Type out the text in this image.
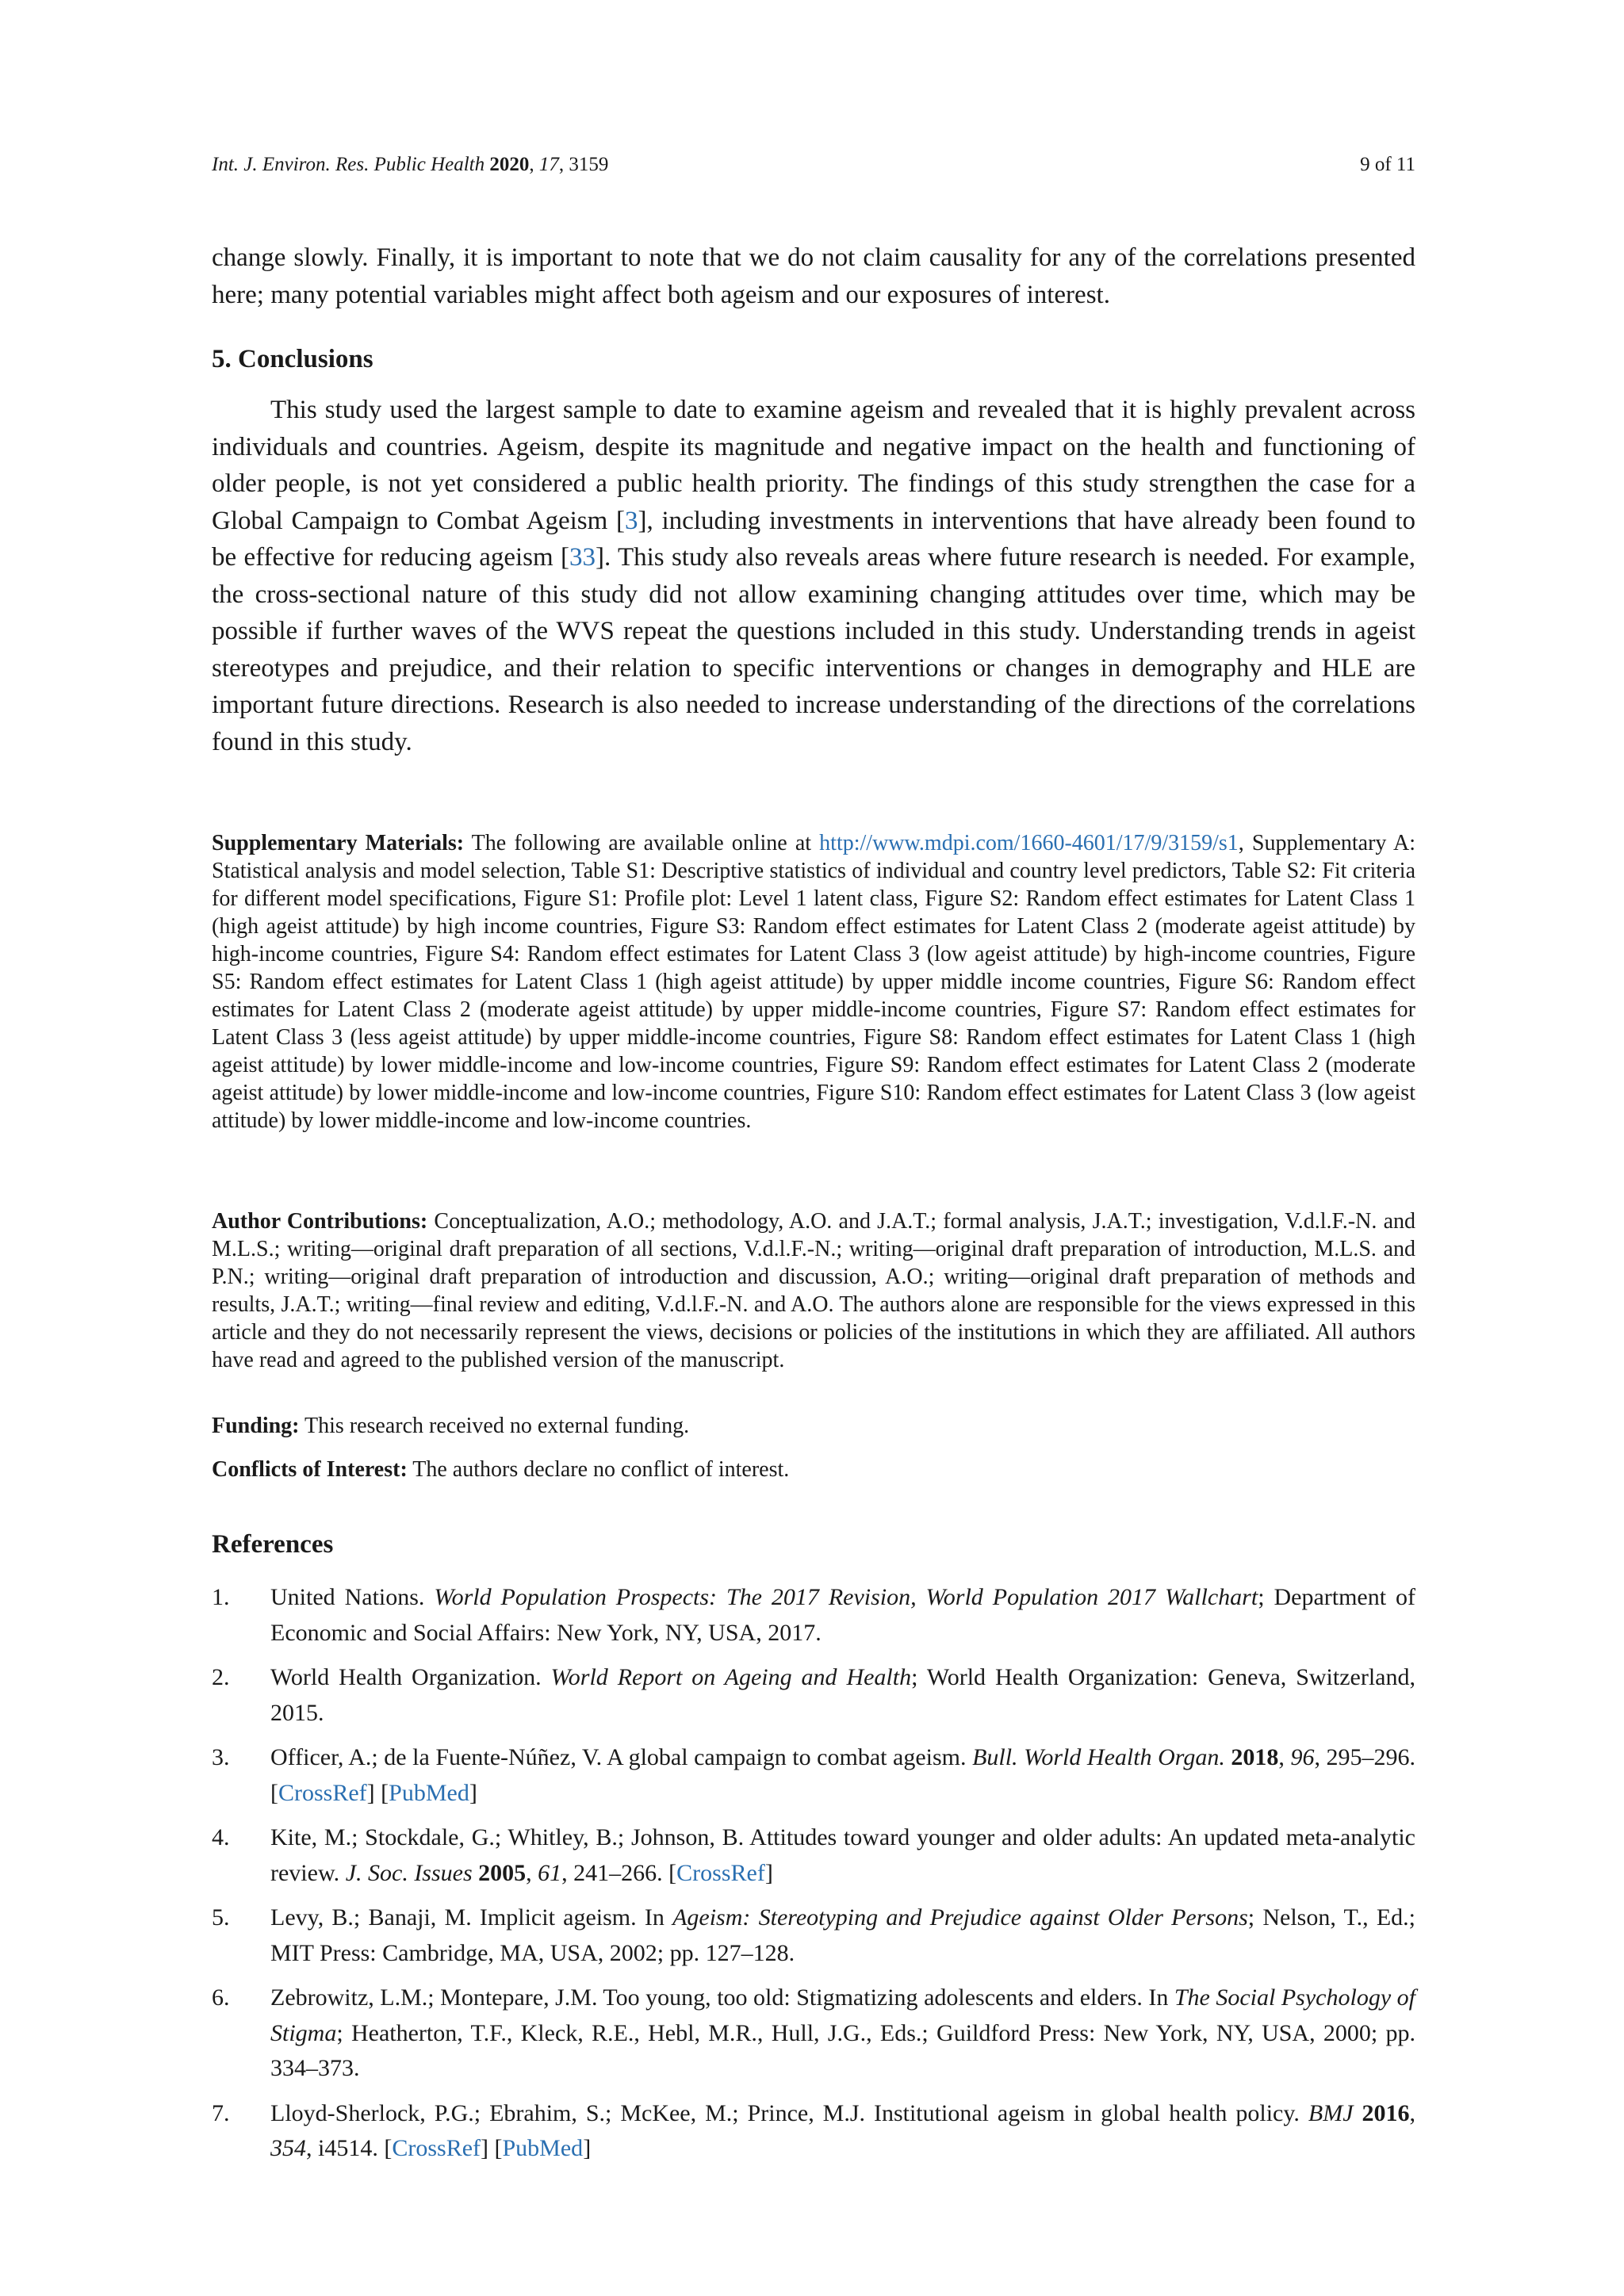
Int. J. Environ. Res. Public Health 2020, 17, 3159	9 of 11

change slowly. Finally, it is important to note that we do not claim causality for any of the correlations presented here; many potential variables might affect both ageism and our exposures of interest.

5. Conclusions

This study used the largest sample to date to examine ageism and revealed that it is highly prevalent across individuals and countries. Ageism, despite its magnitude and negative impact on the health and functioning of older people, is not yet considered a public health priority. The findings of this study strengthen the case for a Global Campaign to Combat Ageism [3], including investments in interventions that have already been found to be effective for reducing ageism [33]. This study also reveals areas where future research is needed. For example, the cross-sectional nature of this study did not allow examining changing attitudes over time, which may be possible if further waves of the WVS repeat the questions included in this study. Understanding trends in ageist stereotypes and prejudice, and their relation to specific interventions or changes in demography and HLE are important future directions. Research is also needed to increase understanding of the directions of the correlations found in this study.

Supplementary Materials: The following are available online at http://www.mdpi.com/1660-4601/17/9/3159/s1, Supplementary A: Statistical analysis and model selection, Table S1: Descriptive statistics of individual and country level predictors, Table S2: Fit criteria for different model specifications, Figure S1: Profile plot: Level 1 latent class, Figure S2: Random effect estimates for Latent Class 1 (high ageist attitude) by high income countries, Figure S3: Random effect estimates for Latent Class 2 (moderate ageist attitude) by high-income countries, Figure S4: Random effect estimates for Latent Class 3 (low ageist attitude) by high-income countries, Figure S5: Random effect estimates for Latent Class 1 (high ageist attitude) by upper middle income countries, Figure S6: Random effect estimates for Latent Class 2 (moderate ageist attitude) by upper middle-income countries, Figure S7: Random effect estimates for Latent Class 3 (less ageist attitude) by upper middle-income countries, Figure S8: Random effect estimates for Latent Class 1 (high ageist attitude) by lower middle-income and low-income countries, Figure S9: Random effect estimates for Latent Class 2 (moderate ageist attitude) by lower middle-income and low-income countries, Figure S10: Random effect estimates for Latent Class 3 (low ageist attitude) by lower middle-income and low-income countries.

Author Contributions: Conceptualization, A.O.; methodology, A.O. and J.A.T.; formal analysis, J.A.T.; investigation, V.d.l.F.-N. and M.L.S.; writing—original draft preparation of all sections, V.d.l.F.-N.; writing—original draft preparation of introduction, M.L.S. and P.N.; writing—original draft preparation of introduction and discussion, A.O.; writing—original draft preparation of methods and results, J.A.T.; writing—final review and editing, V.d.l.F.-N. and A.O. The authors alone are responsible for the views expressed in this article and they do not necessarily represent the views, decisions or policies of the institutions in which they are affiliated. All authors have read and agreed to the published version of the manuscript.

Funding: This research received no external funding.

Conflicts of Interest: The authors declare no conflict of interest.

References
1. United Nations. World Population Prospects: The 2017 Revision, World Population 2017 Wallchart; Department of Economic and Social Affairs: New York, NY, USA, 2017.
2. World Health Organization. World Report on Ageing and Health; World Health Organization: Geneva, Switzerland, 2015.
3. Officer, A.; de la Fuente-Núñez, V. A global campaign to combat ageism. Bull. World Health Organ. 2018, 96, 295–296. [CrossRef] [PubMed]
4. Kite, M.; Stockdale, G.; Whitley, B.; Johnson, B. Attitudes toward younger and older adults: An updated meta-analytic review. J. Soc. Issues 2005, 61, 241–266. [CrossRef]
5. Levy, B.; Banaji, M. Implicit ageism. In Ageism: Stereotyping and Prejudice against Older Persons; Nelson, T., Ed.; MIT Press: Cambridge, MA, USA, 2002; pp. 127–128.
6. Zebrowitz, L.M.; Montepare, J.M. Too young, too old: Stigmatizing adolescents and elders. In The Social Psychology of Stigma; Heatherton, T.F., Kleck, R.E., Hebl, M.R., Hull, J.G., Eds.; Guildford Press: New York, NY, USA, 2000; pp. 334–373.
7. Lloyd-Sherlock, P.G.; Ebrahim, S.; McKee, M.; Prince, M.J. Institutional ageism in global health policy. BMJ 2016, 354, i4514. [CrossRef] [PubMed]
